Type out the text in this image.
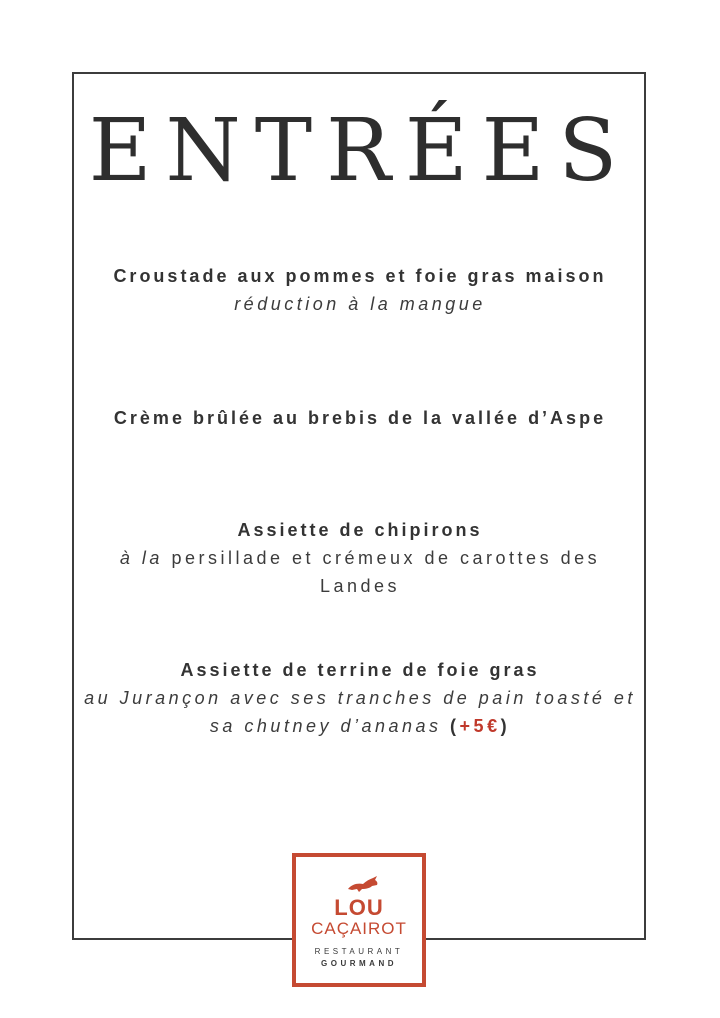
ENTRÉES
Croustade aux pommes et foie gras maison
réduction à la mangue
Crème brûlée au brebis de la vallée d’Aspe
Assiette de chipirons
à la persillade et crémeux de carottes des Landes
Assiette de terrine de foie gras
au Jurançon avec ses tranches de pain toasté et sa chutney d’ananas (+5€)
LOU
CAÇAIROT
RESTAURANT
GOURMAND
